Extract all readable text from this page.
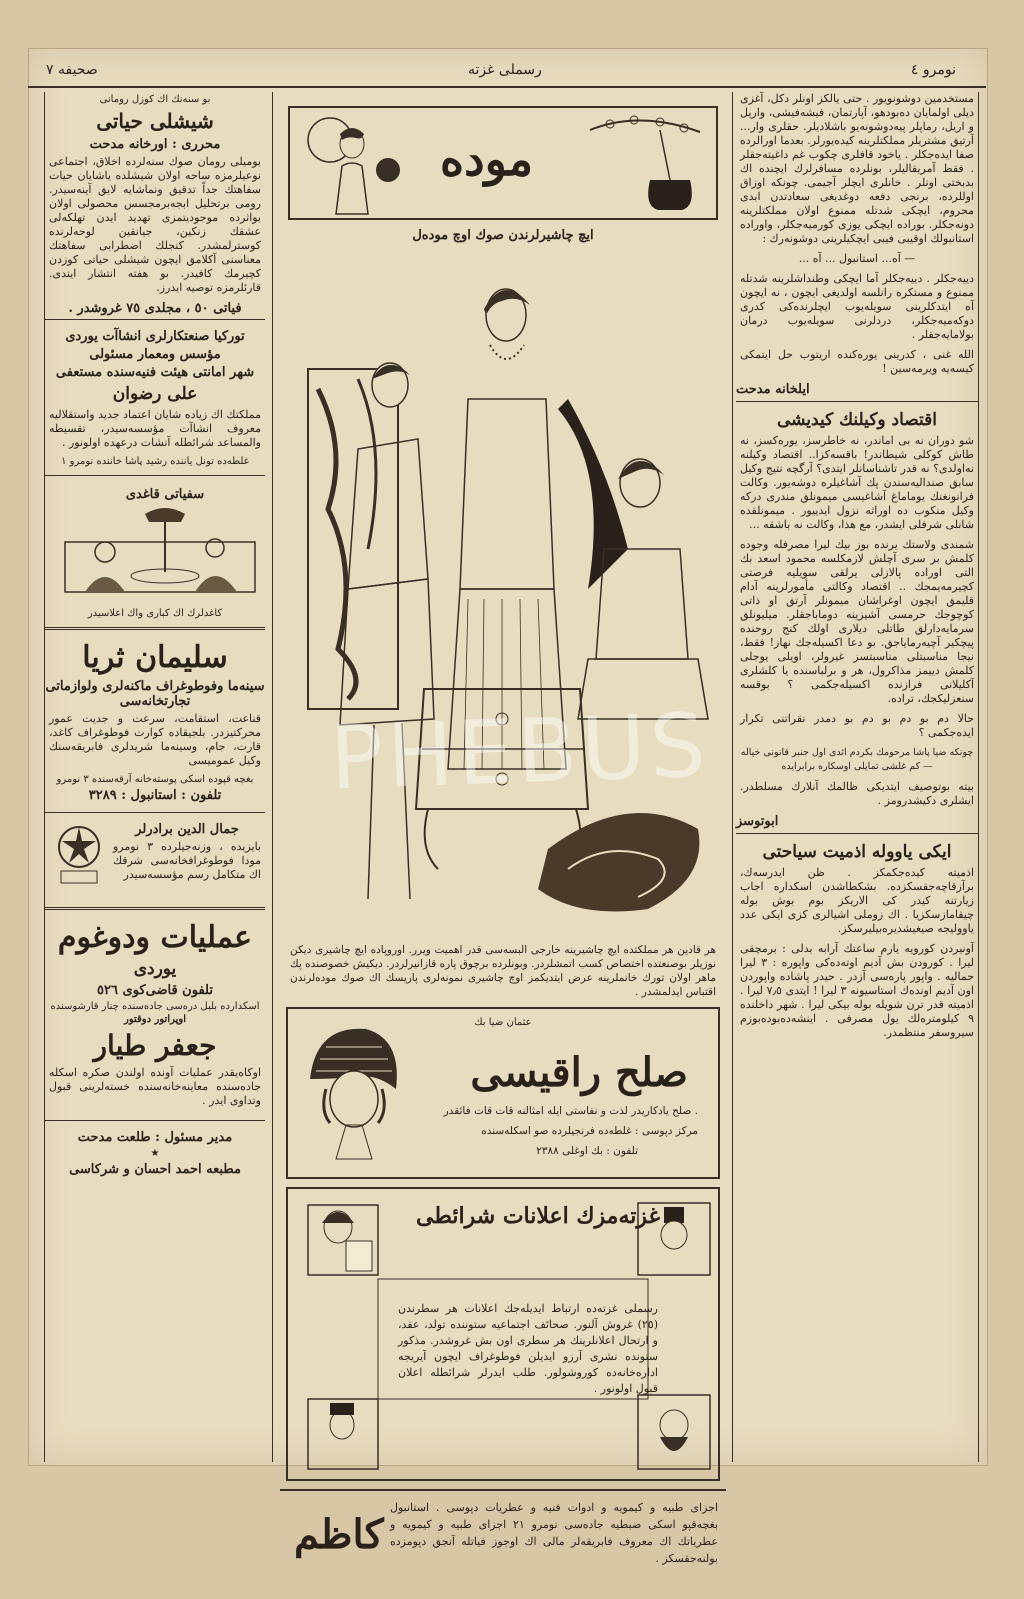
صحیفه ۷	رسملی غزته	نومرو ٤
بو سنه‌نك اك كوزل رومانی
شیشلی حیاتی
محرری : اورخانه مدحت
بومیلی رومان صوك سنه‌لرده اخلاق، اجتماعی نوعیلرمزه ساحه اولان شیشلده یاشایان حیات سفاهتك جداً تدقیق ونماشایه لایق آینه‌سیدر. رومی برتحلیل ابجه‌برمجسس محصولی اولان بواثرده موجودیتمزی تهدید ایدن تهلکه‌لی عشقك زنكین، جیانقین لوحه‌لرنده كوسترلمشدر. كنجلك اضطرابی سفاهتك معناسنی آكلامق ایچون شیشلی حیاتی كوزدن كچیرمك كافیدر. بو هفته انتشار ایتدی. قارئلرمزه توصیه ایدرز.
فیاتی ٥٠ ، مجلدی ٧٥ غروشدر .
توركیا صنعتكارلری انشاآت یوردی
مؤسس ومعمار مسئولی
شهر امانتی هیئت فنیه‌سنده مستعفی
علی رضوان
مملكتك اك زیاده شایان اعتماد جدید واستقلالیه معروف انشاآت مؤسسه‌سیدر، تقسیطه والمساعد شرائطله آنشات درعهده اولونور .
غلطه‌ده تونل یاننده رشید پاشا خاننده نومرو ١
سفیاتی قاغدی
كاغدلرك اك كباری واك اعلاسیدر
سلیمان ثریا
سینه‌ما وفوطوغراف ماكنه‌لری ولوازماتی تجارتخانه‌سی
قناعت، استقامت، سرعت و جدیت عمور محرکتیزدر. بلجیقاده كوارت فوطوغراف كاغد، قارت، جام، وسینه‌ما شریدلری فابریقه‌سنك وكیل عمومیسی
بغچه قپوده اسكی پوسته‌خانه آرقه‌سنده ٣ نومرو
تلفون : استانبول : ٣٢٨٩
جمال الدین برادرلر
بایزیده ، وزنه‌جیلرده ٣ نومرو مودا فوطوغرافخانه‌سی شرقك اك متكامل رسم مؤسسه‌سیدر
عملیات ودوغوم
یوردی
تلفون قاضی‌كوی ٥٢٦
اسكدارده بلبل دره‌سی جاده‌سنده چنار قارشوسنده
اوپراتور دوقتور
جعفر طیار
اوكاه‌یقدر عملیات آونده اولندن صكره اسكله جاده‌سنده معاینه‌خانه‌سنده خسته‌لرینی قبول وتداوی ایدر .
مدیر مسئول : طلعت مدحت
★
مطبعه احمد احسان و شركاسی
موده
ایچ چاشیرلرندن صوك اوچ موده‌ل
هر قادین هر مملكتده ایچ چاشیرینه خارجی البسه‌سی قدر اهمیت ویرر. اوروپاده ایچ چاشیری دیكن نوزیلر بوصنعتده اختصاص كسب اتمشلردر. وبونلرده برچوق پاره قازانیرلردر. دیكیش خصوصنده پك ماهر اولان تورك خانملرینه عرض ایتدیكمز اوچ چاشیری نمونه‌لری پاریسك اك صوك موده‌لرندن اقتباس ایدلمشدر .
عثمان ضیا بك
صلح راقیسی
صلح یادكاریدر لذت و نفاستی ایله امثالنه قات قات فائقدر .
مركز دپوسی : غلطه‌ده فرنجیلرده صو اسكله‌سنده
تلفون : بك اوغلی ٢٣٨٨
غزته‌مزك اعلانات شرائطی
رسملی غزته‌ده ارتباط ایدیله‌جك اعلانات هر سطرندن (٢٥) غروش آلنور. صحائف اجتماعیه ستوننده تولد، عقد، و ارتحال اعلانلرینك هر سطری اون بش غروشدر. مذكور ستونده نشری آرزو ایدیلن فوطوغراف ایچون آیریجه اداره‌خانه‌ده كوروشولور. طلب ایدرلر شرائطله اعلان قبول اولونور .
كاظم
اجزای طبیه و كیمویه و ادوات فنیه و عطریات دپوسی . استانبول بغچه‌قپو اسكی ضبطیه جاده‌سی نومرو ٢١ اجزای طبیه و كیمویه و عطریاتك اك معروف فابریقه‌لر مالی اك اوجوز فیاتله آنجق دپومزده بولنه‌جقسكز .
مستخدمین دوشونویور . حتی یالكز اونلر دكل، آغزی دیلی اولمایان ده‌بودهو، آپارتمان، فیشه‌فیشی، واریل و اریل، رماپلر پیه‌دوشونه‌یو باشلادیلر. حقلری وار... آرتیق مشتریلر مملكتلرینه كیده‌یورلر. بعدما اورالرده صفا ایده‌جكلر . یاخود قافلری چكوب غم داغیته‌جقلر . فقط آمریقالیلر، بونلرده مسافرلرك ایچنده اك بدبختی اونلر . خانلری ایچلر آجیمی. چونكه اوزاق اوللرده، برنجی دفعه دوغدیغی سعادتدن ابدی محروم، ایچكی شدتله ممنوع اولان مملكتلرینه دونه‌جكلر. بوراده ایچكی یوزی كورمیه‌جكلر، واوراده استانبولك اوقیبی فیبی ایچكیلرینی دوشونه‌رك :
— آه... استانبول ... آه ...
دییه‌جكلر . دییه‌جكلر آما ایچكی وطنداشلرینه شدتله ممنوع و مستكره رانلسه اولدیغی ایچون ، نه ایچون آه ایتدكلرینی سویله‌یوب ایچلرنده‌كی كدری دوكه‌میه‌جكلر، دردلرنی سویله‌یوب درمان بولامایه‌جقلر .
الله غنی ، كدرینی یوره‌كنده اریتوب حل ایتمكی كیسه‌یه ویرمه‌سین !
ایلخانه مدحت
اقتصاد وكیلنك كیدیشی
شو دوران نه بی اماندر، نه خاطرسز، یوره‌كسز، نه طاش كوكلی شیطاندر! باقسه‌كزا.. اقتصاد وكیلنه نه‌اولدی؟ نه قدر تاشناسانلر ایتدی؟ آرگچه نتیج وكیل سابق صنداليه‌سندن پك آشاغیلره دوشه‌یور. وكالت فرانونغنك یوماماغ آشاغیسی میمونلق مندرى دركه وكیل منكوب ده اوراثه نزول ایدیيور . میمونلقده شانلی شرفلی ایشدر، مع هذا، وكالت نه باشقه ...
شمندی ولاستك یرنده بوز بیك لیرا مصرفله وجوده كلمش بر سری آچلش لازمكلسه محمود اسعد بك التی اوراده پالازلی یرلقی سویلیه فرصتی كچیرمه‌یمجك .. اقتصاد وكالتی مأمورلرینه آدام قلیمق ایچون اوغراشان میمونلر آرتق او ذاتی كوچوجك حرمسی آشیزینه دوماباجقلر. میلیونلق سرمایه‌دارلق طاتلی دیلاری اولك كنج روحنده پیچكیر آچیه‌رمایاجق. بو دعا اكسیله‌جك نهاز! فقط، نیجا مناسبتلی مناسبتسز غیرولر، اویلی یوجلی كلمش دییمز مذاكرول، هر و برلباسنده یا كلشلری آكلیلانی فرازنده اكسیله‌جكمی ؟ بوقسه سنعزلیكجك، تراده.
حالا دم بو دم بو دم بو دمدر نقراتنی تكرار ایده‌جكمی ؟
چونكه ضیا پاشا مرحومك بكردم ائدی اول جنبر قانونی خیاله — كم غلشی تمایلی اوسكاره برابرایده
بیته بوتوصیف ایتدیكی ظالمك آنلارك مسلطدر. ایشلری دكیشدرومز .
ابوتوسز
ایكی یاووله اذمیت سیاحتی
اذمیته كیده‌جكمكز . ظن ایدرسه‌ك، برآزقاچه‌جقسكزده. بشكطاشدن اسكداره اجاب زیارتنه كیدر كی الاریكز بوم بوش بوله چیقامازسكزیا . اك زوملی اشیالری كزی ایكی عدد یاوولیجه صیغیشدیره‌بیلیرسكز.
آونیردن كورویه یارم ساعتك آرابه بدلی : برمچقی لیرا . كورودن بش آدیم اوته‌ده‌كی واپوره : ٣ لیرا حمالیه . واپور پاره‌سی آزدر . حیدر پاشاده واپوردن اون آدیم اونده‌ك استاسیونه ٣ لیرا ! ایتدی ٧٫٥ لیرا . اذمیته قدر ترن شویله بوله بیكی لیرا . شهر داخلنده ٩ كیلومتره‌لك یول مصرفی . اینشه‌ده‌بوده‌بوزم سیروسفر منتظمدر.
PHEBUS
